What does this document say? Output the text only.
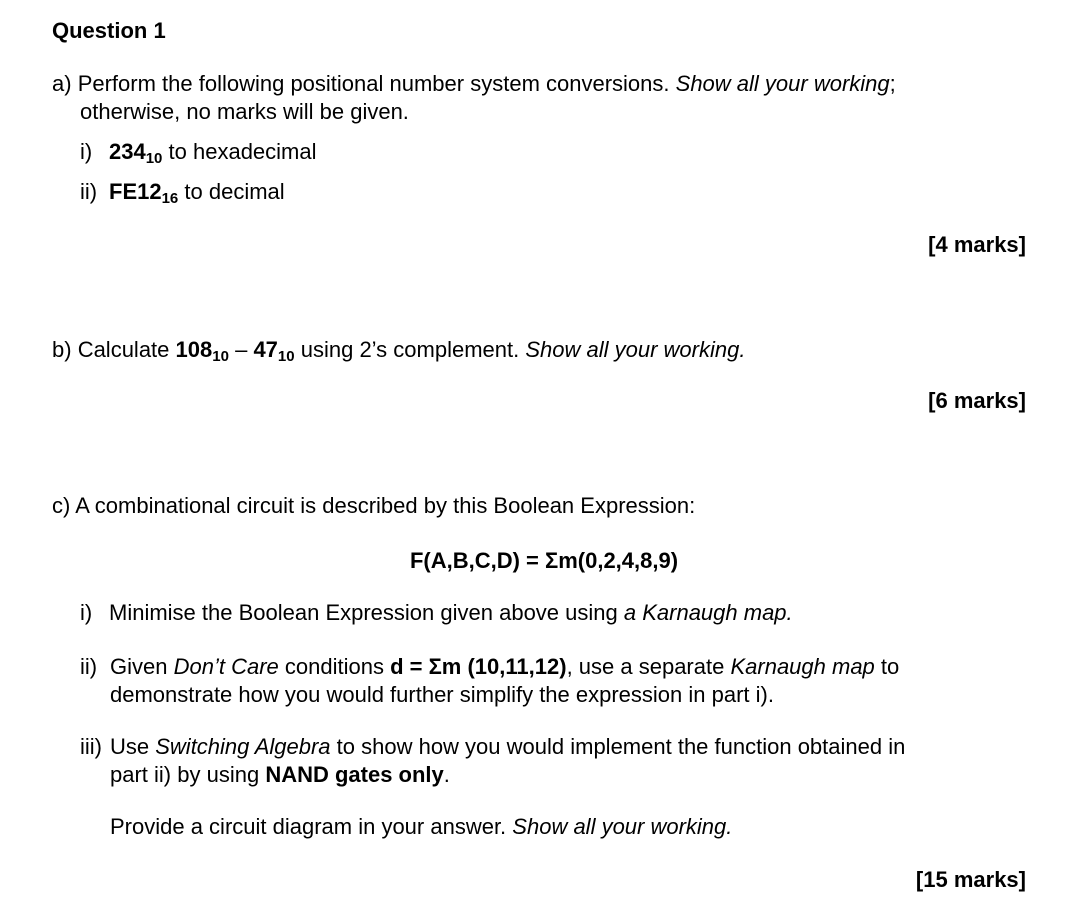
Question 1
a) Perform the following positional number system conversions. Show all your working;
otherwise, no marks will be given.
i) $234_{10}$ to hexadecimal
ii) $FE12_{16}$ to decimal
[4 marks]
b) Calculate $108_{10} - 47_{10}$ using 2’s complement. Show all your working.
[6 marks]
c) A combinational circuit is described by this Boolean Expression:
F(A,B,C,D) = Σm(0,2,4,8,9)
i) Minimise the Boolean Expression given above using a Karnaugh map.
ii) Given Don’t Care conditions d = Σm (10,11,12), use a separate Karnaugh map to
demonstrate how you would further simplify the expression in part i).
iii) Use Switching Algebra to show how you would implement the function obtained in
part ii) by using NAND gates only.
Provide a circuit diagram in your answer. Show all your working.
[15 marks]
